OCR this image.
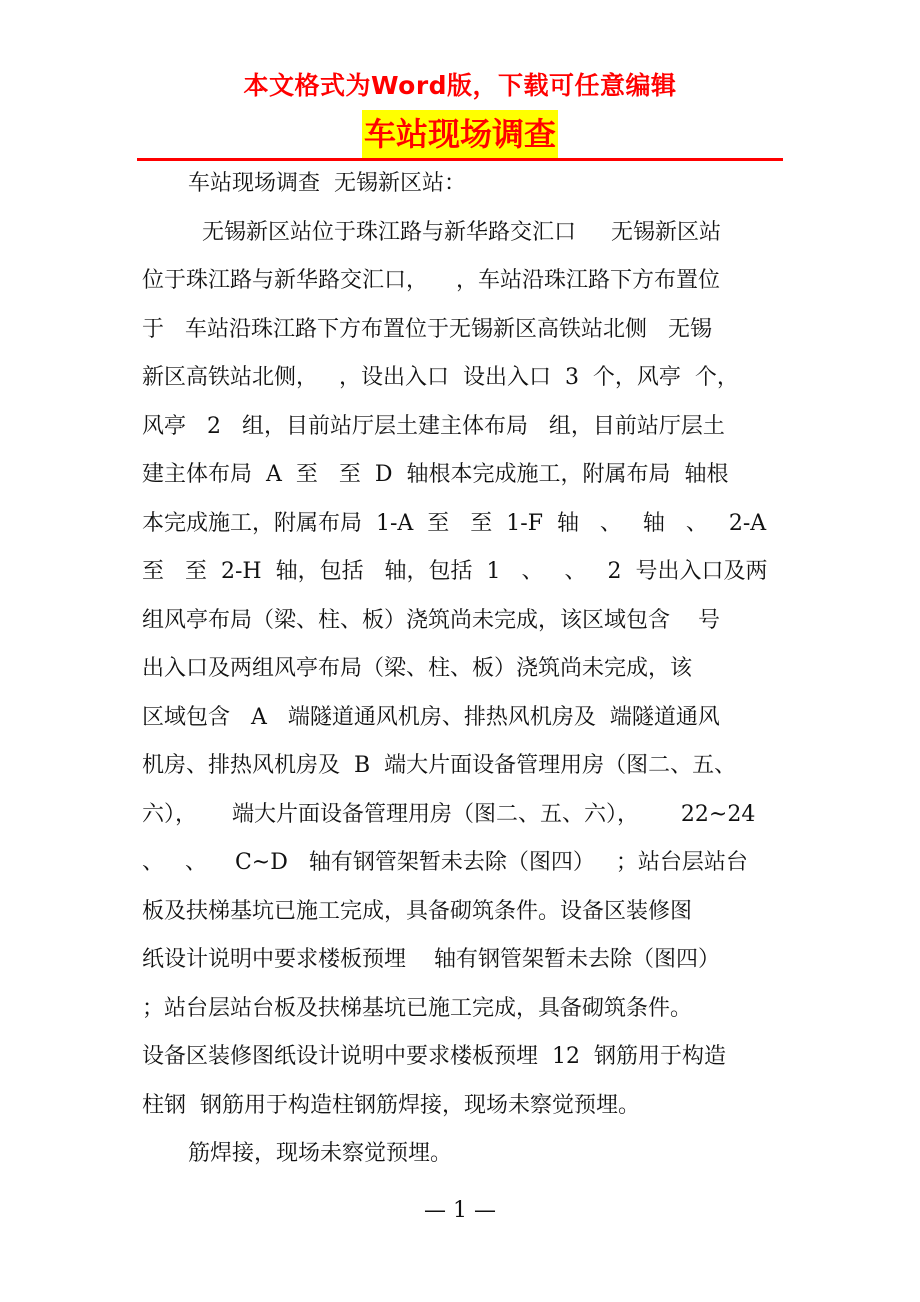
本文格式为Word版，下载可任意编辑
车站现场调查
车站现场调查  无锡新区站：
无锡新区站位于珠江路与新华路交汇口     无锡新区站
位于珠江路与新华路交汇口，    ，车站沿珠江路下方布置位
于   车站沿珠江路下方布置位于无锡新区高铁站北侧   无锡
新区高铁站北侧，   ，设出入口  设出入口  3  个，风亭  个，
风亭   2   组，目前站厅层土建主体布局   组，目前站厅层土
建主体布局  A  至   至  D  轴根本完成施工，附属布局  轴根
本完成施工，附属布局  1-A  至   至  1-F  轴   、   轴   、   2-A
至   至  2-H  轴，包括   轴，包括  1   、   、   2  号出入口及两
组风亭布局（梁、柱、板）浇筑尚未完成，该区域包含    号
出入口及两组风亭布局（梁、柱、板）浇筑尚未完成，该
区域包含   A   端隧道通风机房、排热风机房及  端隧道通风
机房、排热风机房及  B  端大片面设备管理用房（图二、五、
六），     端大片面设备管理用房（图二、五、六），      22~24
、   、    C~D   轴有钢管架暂未去除（图四）   ；站台层站台
板及扶梯基坑已施工完成，具备砌筑条件。设备区装修图
纸设计说明中要求楼板预埋    轴有钢管架暂未去除（图四）
；站台层站台板及扶梯基坑已施工完成，具备砌筑条件。
设备区装修图纸设计说明中要求楼板预埋  12  钢筋用于构造
柱钢  钢筋用于构造柱钢筋焊接，现场未察觉预埋。
筋焊接，现场未察觉预埋。
— 1 —
